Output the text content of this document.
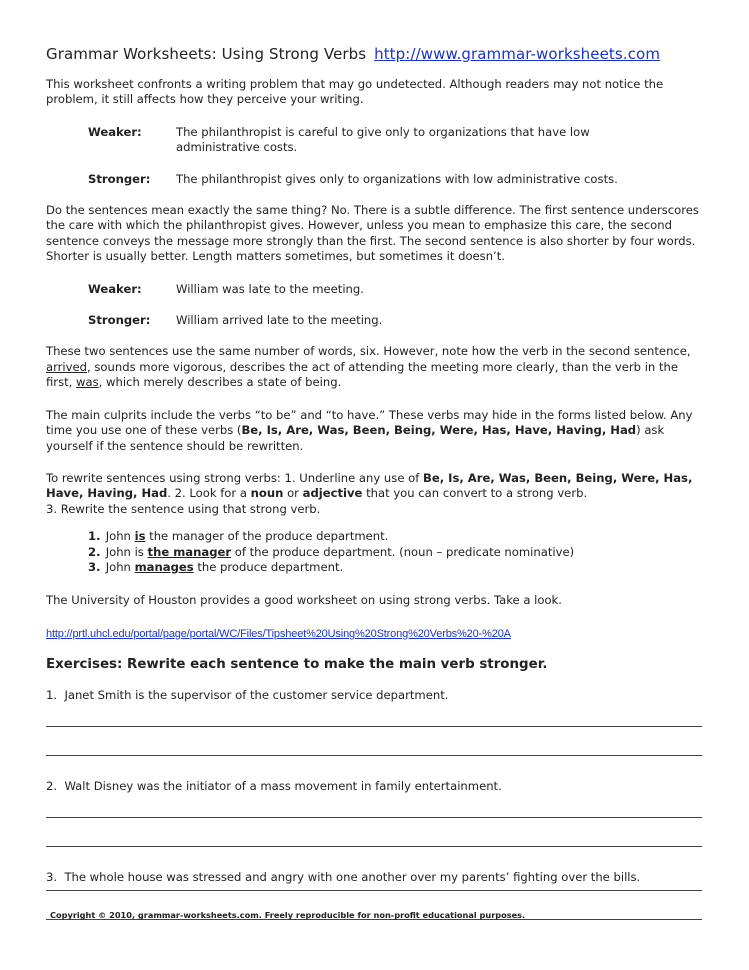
Grammar Worksheets: Using Strong Verbs http://www.grammar-worksheets.com

This worksheet confronts a writing problem that may go undetected. Although readers may not notice the problem, it still affects how they perceive your writing.

Weaker:	The philanthropist is careful to give only to organizations that have low administrative costs.
Stronger:	The philanthropist gives only to organizations with low administrative costs.

Do the sentences mean exactly the same thing? No. There is a subtle difference. The first sentence underscores the care with which the philanthropist gives. However, unless you mean to emphasize this care, the second sentence conveys the message more strongly than the first. The second sentence is also shorter by four words. Shorter is usually better. Length matters sometimes, but sometimes it doesn’t.

Weaker:	William was late to the meeting.
Stronger:	William arrived late to the meeting.

These two sentences use the same number of words, six. However, note how the verb in the second sentence, arrived, sounds more vigorous, describes the act of attending the meeting more clearly, than the verb in the first, was, which merely describes a state of being.

The main culprits include the verbs “to be” and “to have.” These verbs may hide in the forms listed below. Any time you use one of these verbs (Be, Is, Are, Was, Been, Being, Were, Has, Have, Having, Had) ask yourself if the sentence should be rewritten.

To rewrite sentences using strong verbs: 1. Underline any use of Be, Is, Are, Was, Been, Being, Were, Has, Have, Having, Had. 2. Look for a noun or adjective that you can convert to a strong verb.
3. Rewrite the sentence using that strong verb.

1. John is the manager of the produce department.
2. John is the manager of the produce department. (noun – predicate nominative)
3. John manages the produce department.

The University of Houston provides a good worksheet on using strong verbs. Take a look.

http://prtl.uhcl.edu/portal/page/portal/WC/Files/Tipsheet%20Using%20Strong%20Verbs%20-%20A
Exercises: Rewrite each sentence to make the main verb stronger.
1. Janet Smith is the supervisor of the customer service department.
2. Walt Disney was the initiator of a mass movement in family entertainment.
3. The whole house was stressed and angry with one another over my parents’ fighting over the bills.
Copyright © 2010, grammar-worksheets.com. Freely reproducible for non-profit educational purposes.
